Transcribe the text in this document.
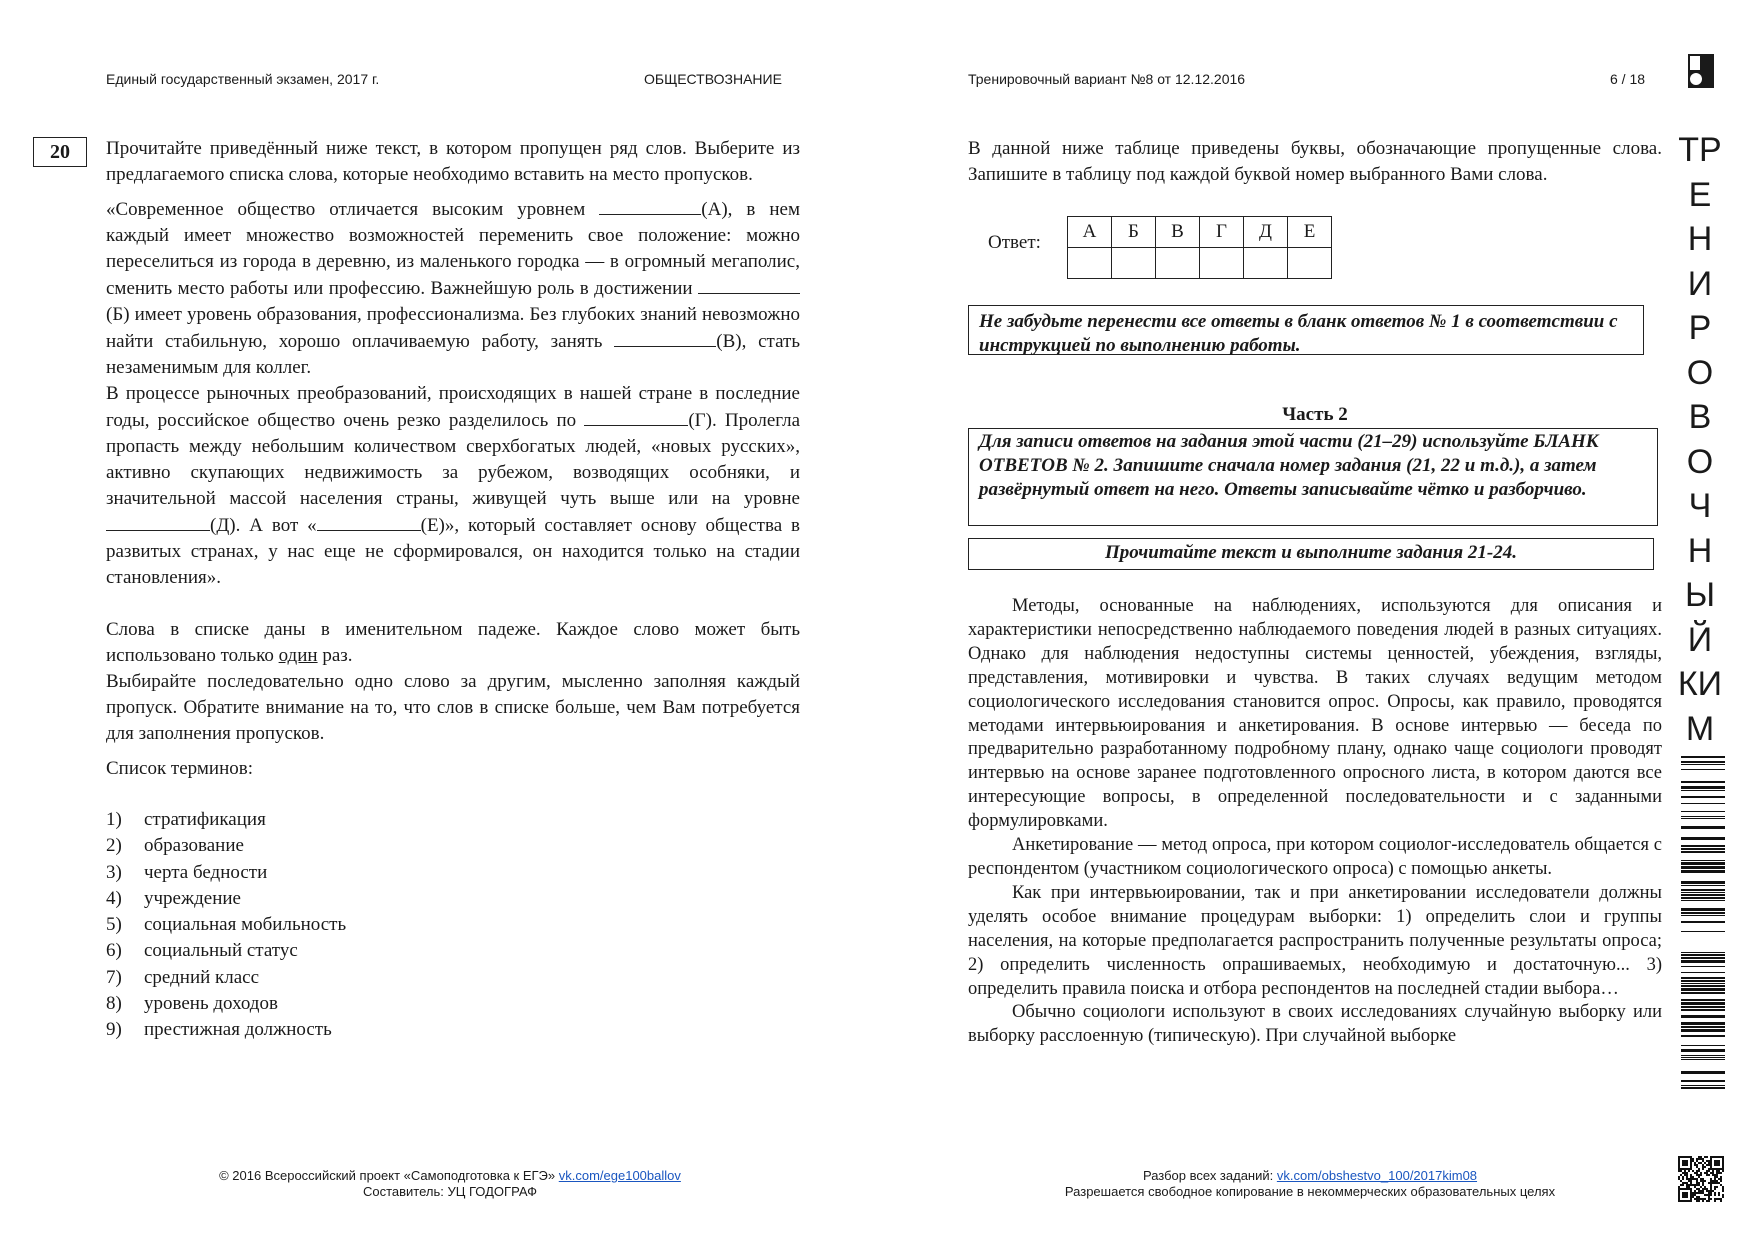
Единый государственный экзамен, 2017 г.	ОБЩЕСТВОЗНАНИЕ	Тренировочный вариант №8 от 12.12.2016	6 / 18
20	Прочитайте приведённый ниже текст, в котором пропущен ряд слов. Выберите из предлагаемого списка слова, которые необходимо вставить на место пропусков.

«Современное общество отличается высоким уровнем	(А), в нем каждый имеет множество возможностей переменить свое положение: можно переселиться из города в деревню, из маленького городка — в огромный мегаполис, сменить место работы или профессию. Важнейшую роль в достижении (Б) имеет уровень образования, профессионализма. Без глубоких знаний невозможно найти стабильную, хорошо оплачиваемую работу, занять	(В), стать незаменимым для коллег.

В процессе рыночных преобразований, происходящих в нашей стране в последние годы, российское общество очень резко разделилось по	(Г). Пролегла пропасть между небольшим количеством сверхбогатых людей, «новых русских», активно скупающих недвижимость за рубежом, возводящих особняки, и значительной массой населения страны, живущей чуть выше или на уровне (Д). А вот «	(Е)», который составляет основу общества в развитых странах, у нас еще не сформировался, он находится только на стадии становления».

Слова в списке даны в именительном падеже. Каждое слово может быть использовано только один раз.

Выбирайте последовательно одно слово за другим, мысленно заполняя каждый пропуск. Обратите внимание на то, что слов в списке больше, чем Вам потребуется для заполнения пропусков.

Список терминов:

1) стратификация
2) образование
3) черта бедности
4) учреждение
5) социальная мобильность
6) социальный статус
7) средний класс
8) уровень доходов
9) престижная должность
В данной ниже таблице приведены буквы, обозначающие пропущенные слова. Запишите в таблицу под каждой буквой номер выбранного Вами слова.
Ответ:
А	Б	В	Г	Д	Е

Не забудьте перенести все ответы в бланк ответов № 1 в соответствии с инструкцией по выполнению работы.
Часть 2
Для записи ответов на задания этой части (21–29) используйте БЛАНК ОТВЕТОВ № 2. Запишите сначала номер задания (21, 22 и т.д.), а затем развёрнутый ответ на него. Ответы записывайте чётко и разборчиво.
Прочитайте текст и выполните задания 21-24.

Методы, основанные на наблюдениях, используются для описания и характеристики непосредственно наблюдаемого поведения людей в разных ситуациях. Однако для наблюдения недоступны системы ценностей, убеждения, взгляды, представления, мотивировки и чувства. В таких случаях ведущим методом социологического исследования становится опрос. Опросы, как правило, проводятся методами интервьюирования и анкетирования. В основе интервью — беседа по предварительно разработанному подробному плану, однако чаще социологи проводят интервью на основе заранее подготовленного опросного листа, в котором даются все интересующие вопросы, в определенной последовательности и с заданными формулировками.

Анкетирование — метод опроса, при котором социолог-исследователь общается с респондентом (участником социологического опроса) с помощью анкеты.

Как при интервьюировании, так и при анкетировании исследователи должны уделять особое внимание процедурам выборки: 1) определить слои и группы населения, на которые предполагается распространить полученные результаты опроса; 2) определить численность опрашиваемых, необходимую и достаточную... 3) определить правила поиска и отбора респондентов на последней стадии выбора…

Обычно социологи используют в своих исследованиях случайную выборку или выборку расслоенную (типическую). При случайной выборке

ТР
Е
Н
И
Р
О
В
О
Ч
Н
Ы
Й
КИ
М
© 2016 Всероссийский проект «Самоподготовка к ЕГЭ» vk.com/ege100ballov
Составитель: УЦ ГОДОГРАФ
Разбор всех заданий: vk.com/obshestvo_100/2017kim08
Разрешается свободное копирование в некоммерческих образовательных целях
